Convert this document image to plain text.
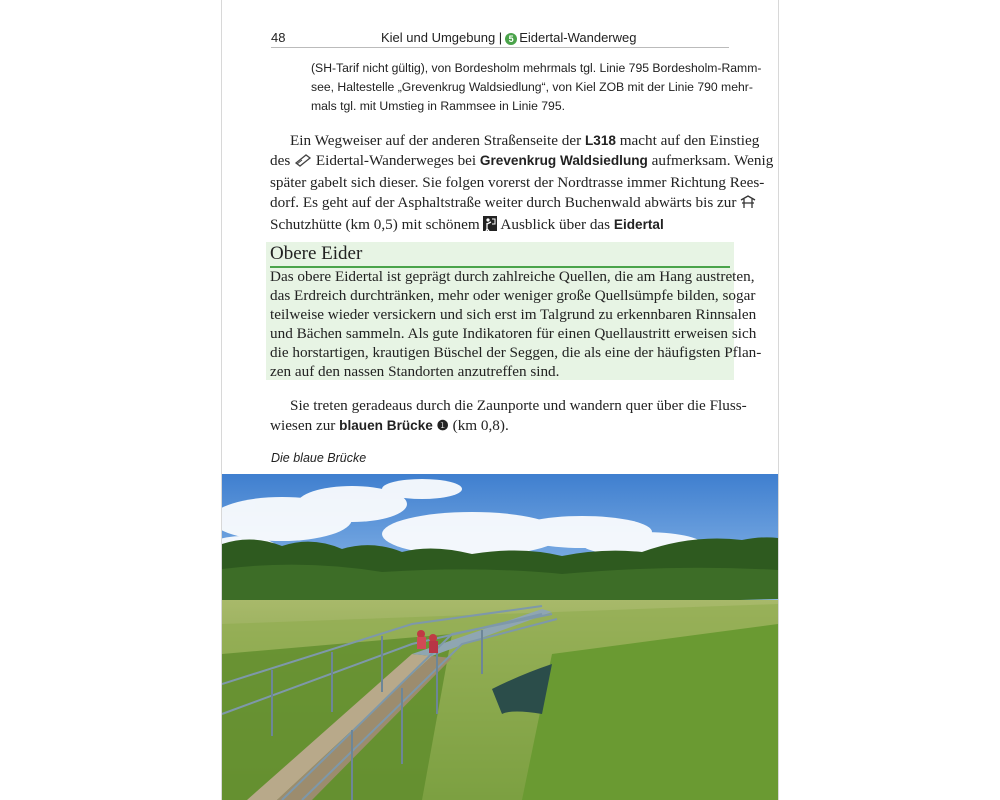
48	Kiel und Umgebung | 5 Eidertal-Wanderweg
(SH-Tarif nicht gültig), von Bordesholm mehrmals tgl. Linie 795 Bordesholm-Ramm-
see, Haltestelle „Grevenkrug Waldsiedlung“, von Kiel ZOB mit der Linie 790 mehr-
mals tgl. mit Umstieg in Rammsee in Linie 795.
Ein Wegweiser auf der anderen Straßenseite der L318 macht auf den Einstieg
des Eidertal-Wanderweges bei Grevenkrug Waldsiedlung aufmerksam. Wenig
später gabelt sich dieser. Sie folgen vorerst der Nordtrasse immer Richtung Rees-
dorf. Es geht auf der Asphaltstraße weiter durch Buchenwald abwärts bis zur
Schutzhütte (km 0,5) mit schönem Ausblick über das Eidertal
Obere Eider
Das obere Eidertal ist geprägt durch zahlreiche Quellen, die am Hang austreten,
das Erdreich durchtränken, mehr oder weniger große Quellsümpfe bilden, sogar
teilweise wieder versickern und sich erst im Talgrund zu erkennbaren Rinnsalen
und Bächen sammeln. Als gute Indikatoren für einen Quellaustritt erweisen sich
die horstartigen, krautigen Büschel der Seggen, die als eine der häufigsten Pflan-
zen auf den nassen Standorten anzutreffen sind.
Sie treten geradeaus durch die Zaunporte und wandern quer über die Fluss-
wiesen zur blauen Brücke ❶ (km 0,8).
Die blaue Brücke
